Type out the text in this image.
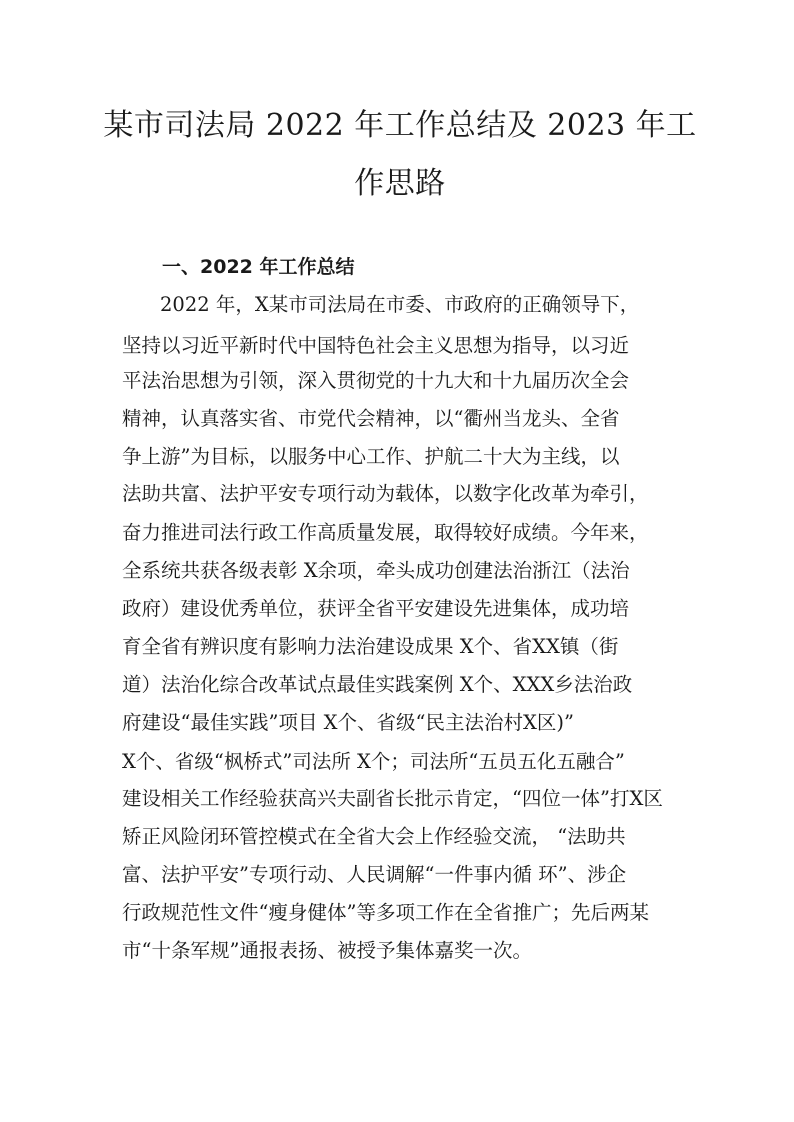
某市司法局 2022 年工作总结及 2023 年工
作思路
一、2022 年工作总结

2022 年，X某市司法局在市委、市政府的正确领导下，

坚持以习近平新时代中国特色社会主义思想为指导，以习近

平法治思想为引领，深入贯彻党的十九大和十九届历次全会

精神，认真落实省、市党代会精神，以“衢州当龙头、全省

争上游”为目标，以服务中心工作、护航二十大为主线，以

法助共富、法护平安专项行动为载体，以数字化改革为牵引，

奋力推进司法行政工作高质量发展，取得较好成绩。今年来，

全系统共获各级表彰 X余项，牵头成功创建法治浙江（法治

政府）建设优秀单位，获评全省平安建设先进集体，成功培

育全省有辨识度有影响力法治建设成果 X个、省XX镇（街

道）法治化综合改革试点最佳实践案例 X个、XXX乡法治政

府建设“最佳实践”项目 X个、省级“民主法治村X区)”

X个、省级“枫桥式”司法所 X个；司法所“五员五化五融合”

建设相关工作经验获高兴夫副省长批示肯定，“四位一体”打X区

矫正风险闭环管控模式在全省大会上作经验交流， “法助共

富、法护平安”专项行动、人民调解“一件事内循 环”、涉企

行政规范性文件“瘦身健体”等多项工作在全省推广；先后两某

市“十条军规”通报表扬、被授予集体嘉奖一次。
